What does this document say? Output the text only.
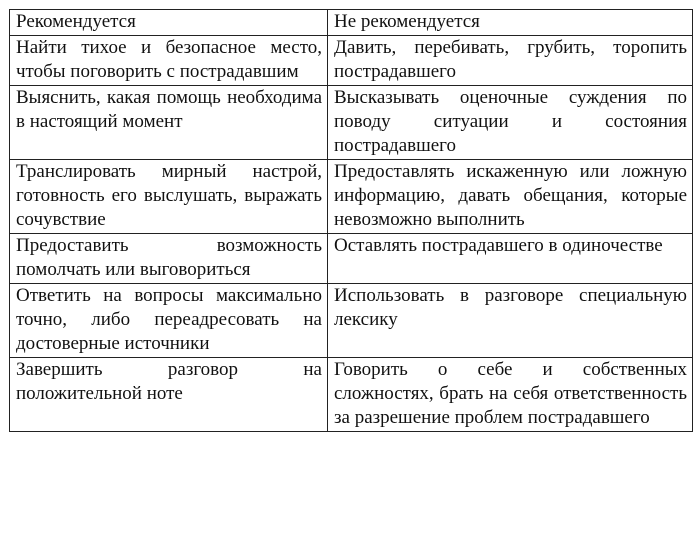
Рекомендуется	Не рекомендуется
Найти тихое и безопасное место, чтобы поговорить с пострадавшим	Давить, перебивать, грубить, торопить пострадавшего
Выяснить, какая помощь необходима в настоящий момент	Высказывать оценочные суждения по поводу ситуации и состояния пострадавшего
Транслировать мирный настрой, готовность его выслушать, выражать сочувствие	Предоставлять искаженную или ложную информацию, давать обещания, которые невозможно выполнить
Предоставить возможность помолчать или выговориться	Оставлять пострадавшего в одиночестве
Ответить на вопросы максимально точно, либо переадресовать на достоверные источники	Использовать в разговоре специальную лексику
Завершить разговор на положительной ноте	Говорить о себе и собственных сложностях, брать на себя ответственность за разрешение проблем пострадавшего
